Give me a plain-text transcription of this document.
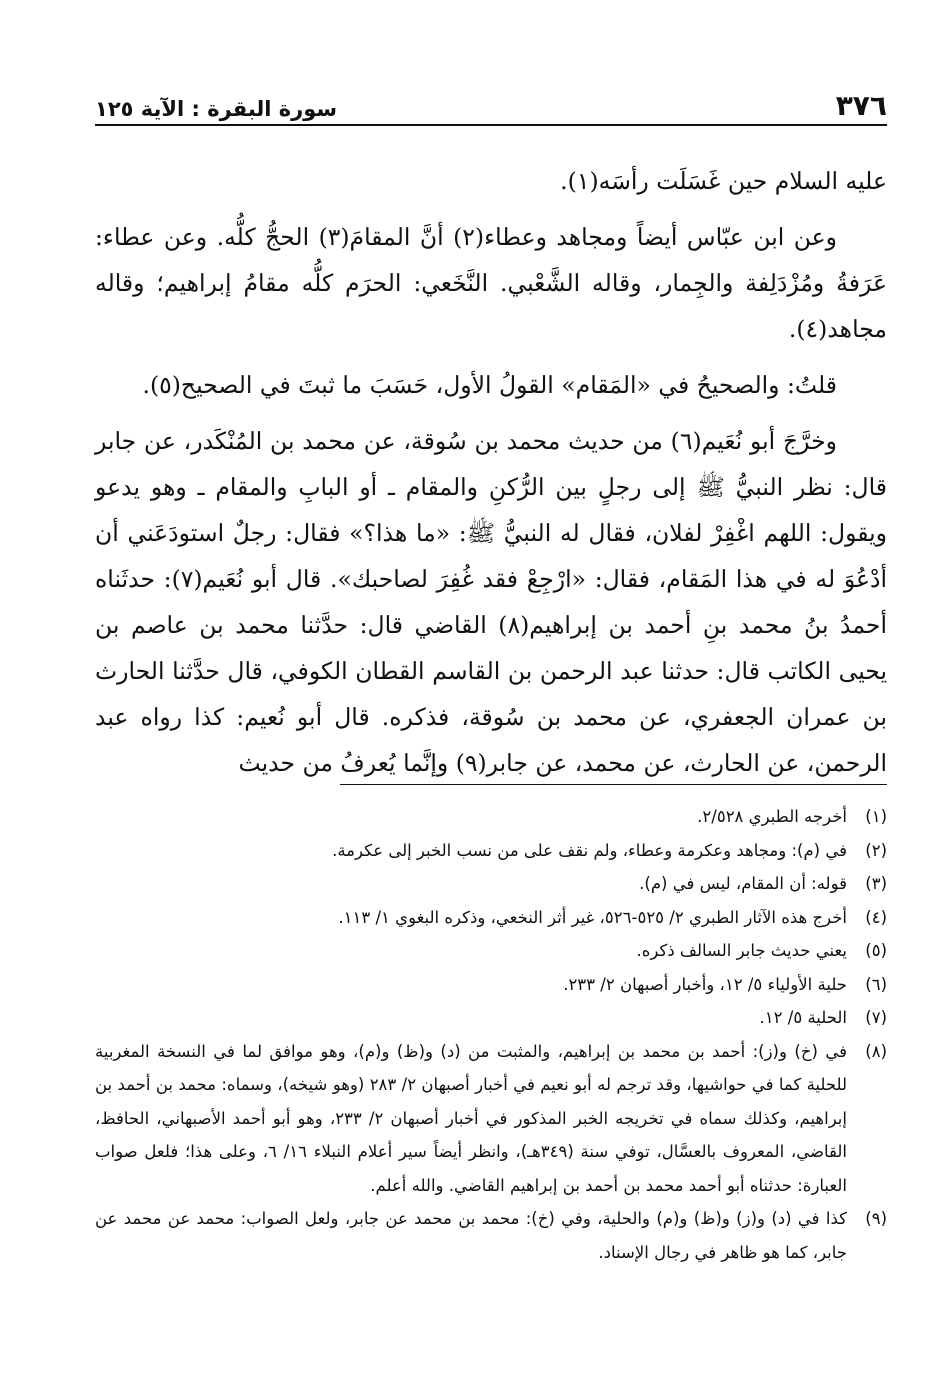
٣٧٦
سورة البقرة : الآية ١٢٥

عليه السلام حين غَسَلَت رأسَه(١).

وعن ابن عبّاس أيضاً ومجاهد وعطاء(٢) أنَّ المقامَ(٣) الحجُّ كلُّه. وعن عطاء: عَرَفةُ ومُزْدَلِفة والجِمار، وقاله الشَّعْبي. النَّخَعي: الحرَم كلُّه مقامُ إبراهيم؛ وقاله مجاهد(٤).

قلتُ: والصحيحُ في «المَقام» القولُ الأول، حَسَبَ ما ثبتَ في الصحيح(٥).

وخرَّجَ أبو نُعَيم(٦) من حديث محمد بن سُوقة، عن محمد بن المُنْكَدر، عن جابر قال: نظر النبيُّ ﷺ إلى رجلٍ بين الرُّكنِ والمقام ـ أو البابِ والمقام ـ وهو يدعو ويقول: اللهم اغْفِرْ لفلان، فقال له النبيُّ ﷺ: «ما هذا؟» فقال: رجلٌ استودَعَني أن أدْعُوَ له في هذا المَقام، فقال: «ارْجِعْ فقد غُفِرَ لصاحبك». قال أبو نُعَيم(٧): حدثَناه أحمدُ بنُ محمد بنِ أحمد بن إبراهيم(٨) القاضي قال: حدَّثنا محمد بن عاصم بن يحيى الكاتب قال: حدثنا عبد الرحمن بن القاسم القطان الكوفي، قال حدَّثنا الحارث بن عمران الجعفري، عن محمد بن سُوقة، فذكره. قال أبو نُعيم: كذا رواه عبد الرحمن، عن الحارث، عن محمد، عن جابر(٩) وإنَّما يُعرفُ من حديث

(١)
أخرجه الطبري ٢/٥٢٨.
(٢)
في (م): ومجاهد وعكرمة وعطاء، ولم نقف على من نسب الخبر إلى عكرمة.
(٣)
قوله: أن المقام، ليس في (م).
(٤)
أخرج هذه الآثار الطبري ٢/ ٥٢٥-٥٢٦، غير أثر النخعي، وذكره البغوي ١/ ١١٣.
(٥)
يعني حديث جابر السالف ذكره.
(٦)
حلية الأولياء ٥/ ١٢، وأخبار أصبهان ٢/ ٢٣٣.
(٧)
الحلية ٥/ ١٢.
(٨)
في (خ) و(ز): أحمد بن محمد بن إبراهيم، والمثبت من (د) و(ظ) و(م)، وهو موافق لما في النسخة المغربية للحلية كما في حواشيها، وقد ترجم له أبو نعيم في أخبار أصبهان ٢/ ٢٨٣ (وهو شيخه)، وسماه: محمد بن أحمد بن إبراهيم، وكذلك سماه في تخريجه الخبر المذكور في أخبار أصبهان ٢/ ٢٣٣، وهو أبو أحمد الأصبهاني، الحافظ، القاضي، المعروف بالعسَّال، توفي سنة (٣٤٩هـ)، وانظر أيضاً سير أعلام النبلاء ١٦/ ٦، وعلى هذا؛ فلعل صواب العبارة: حدثناه أبو أحمد محمد بن أحمد بن إبراهيم القاضي. والله أعلم.
(٩)
كذا في (د) و(ز) و(ظ) و(م) والحلية، وفي (خ): محمد بن محمد عن جابر، ولعل الصواب: محمد عن محمد عن جابر، كما هو ظاهر في رجال الإسناد.
